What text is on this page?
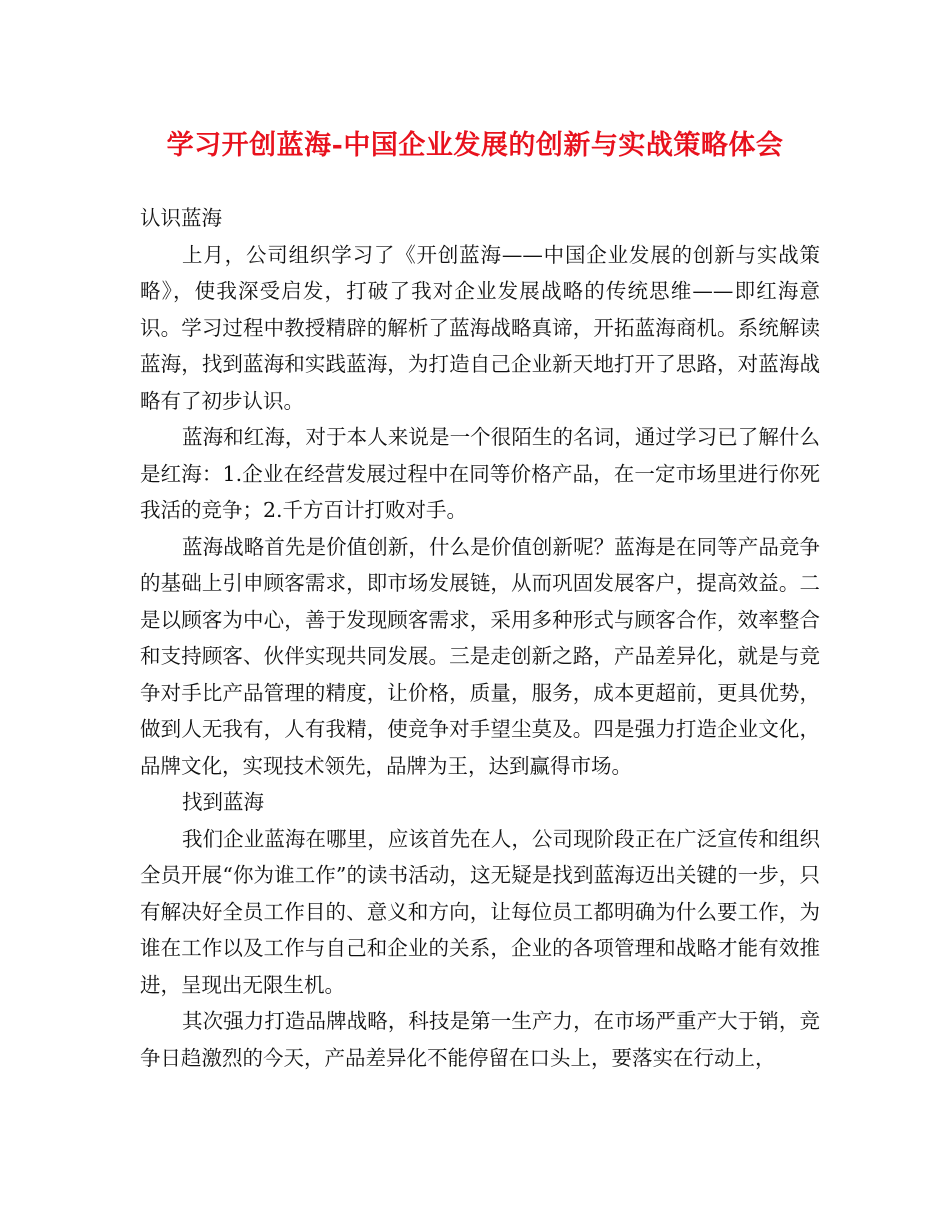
学习开创蓝海-中国企业发展的创新与实战策略体会

认识蓝海

上月，公司组织学习了《开创蓝海——中国企业发展的创新与实战策略》，使我深受启发，打破了我对企业发展战略的传统思维——即红海意识。学习过程中教授精辟的解析了蓝海战略真谛，开拓蓝海商机。系统解读蓝海，找到蓝海和实践蓝海，为打造自己企业新天地打开了思路，对蓝海战略有了初步认识。

蓝海和红海，对于本人来说是一个很陌生的名词，通过学习已了解什么是红海：1.企业在经营发展过程中在同等价格产品，在一定市场里进行你死我活的竞争；2.千方百计打败对手。

蓝海战略首先是价值创新，什么是价值创新呢？蓝海是在同等产品竞争的基础上引申顾客需求，即市场发展链，从而巩固发展客户，提高效益。二是以顾客为中心，善于发现顾客需求，采用多种形式与顾客合作，效率整合和支持顾客、伙伴实现共同发展。三是走创新之路，产品差异化，就是与竞争对手比产品管理的精度，让价格，质量，服务，成本更超前，更具优势，做到人无我有，人有我精，使竞争对手望尘莫及。四是强力打造企业文化，品牌文化，实现技术领先，品牌为王，达到赢得市场。

找到蓝海

我们企业蓝海在哪里，应该首先在人，公司现阶段正在广泛宣传和组织全员开展“你为谁工作”的读书活动，这无疑是找到蓝海迈出关键的一步，只有解决好全员工作目的、意义和方向，让每位员工都明确为什么要工作，为谁在工作以及工作与自己和企业的关系，企业的各项管理和战略才能有效推进，呈现出无限生机。

其次强力打造品牌战略，科技是第一生产力，在市场严重产大于销，竞争日趋激烈的今天，产品差异化不能停留在口头上，要落实在行动上，
